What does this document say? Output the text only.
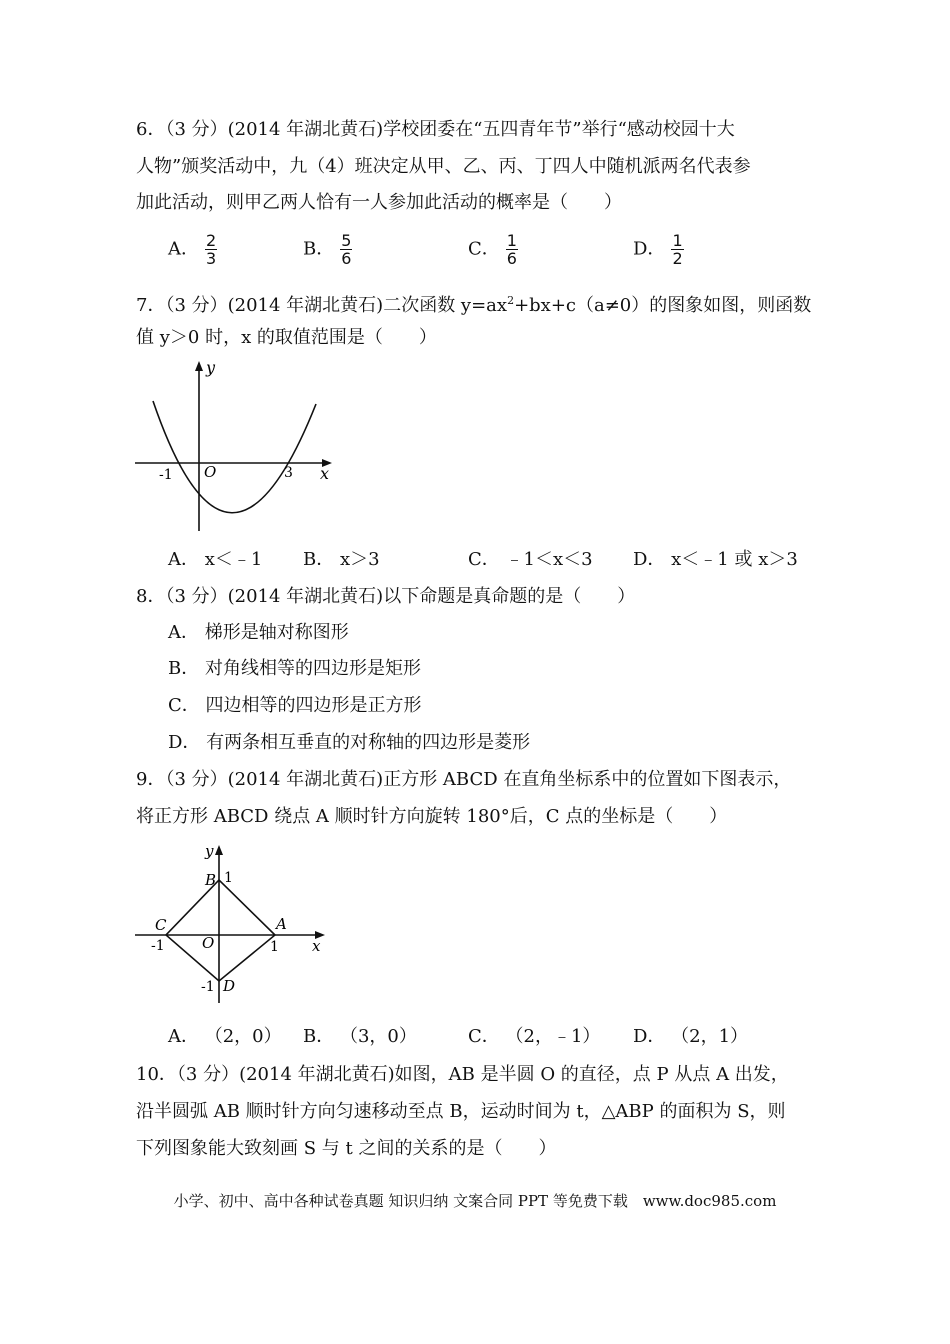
6．（3 分）(2014 年湖北黄石)学校团委在“五四青年节”举行“感动校园十大
人物”颁奖活动中，九（4）班决定从甲、乙、丙、丁四人中随机派两名代表参
加此活动，则甲乙两人恰有一人参加此活动的概率是（　　）
A． $\frac{2}{3}$	B． $\frac{5}{6}$	C． $\frac{1}{6}$	D． $\frac{1}{2}$
7．（3 分）(2014 年湖北黄石)二次函数 $y=ax^2+bx+c(a\ne 0)$的图象如图，则函数
值 y＞0 时，x 的取值范围是（　　）
y
x
O
-1	3
A． x＜﹣1 B． x＞3	C． ﹣1＜x＜3 D． x＜﹣1 或 x＞3
8．（3 分）(2014 年湖北黄石)以下命题是真命题的是（　　）
A． 梯形是轴对称图形
B． 对角线相等的四边形是矩形
C． 四边相等的四边形是正方形
D． 有两条相互垂直的对称轴的四边形是菱形
9．（3 分）(2014 年湖北黄石)正方形 ABCD 在直角坐标系中的位置如下图表示，
将正方形 ABCD 绕点 A 顺时针方向旋转 180°后，C 点的坐标是（　　）
y
x
O
A
B
C
D
1
1
-1
-1
A． （2，0） B． （3，0）	C． （2，﹣1） D． （2，1）
10．（3 分）(2014 年湖北黄石)如图，AB 是半圆 O 的直径，点 P 从点 A 出发，
沿半圆弧 AB 顺时针方向匀速移动至点 B，运动时间为 t，△ABP 的面积为 S，则
下列图象能大致刻画 S 与 t 之间的关系的是（　　）
小学、初中、高中各种试卷真题 知识归纳 文案合同 PPT 等免费下载　www.doc985.com
